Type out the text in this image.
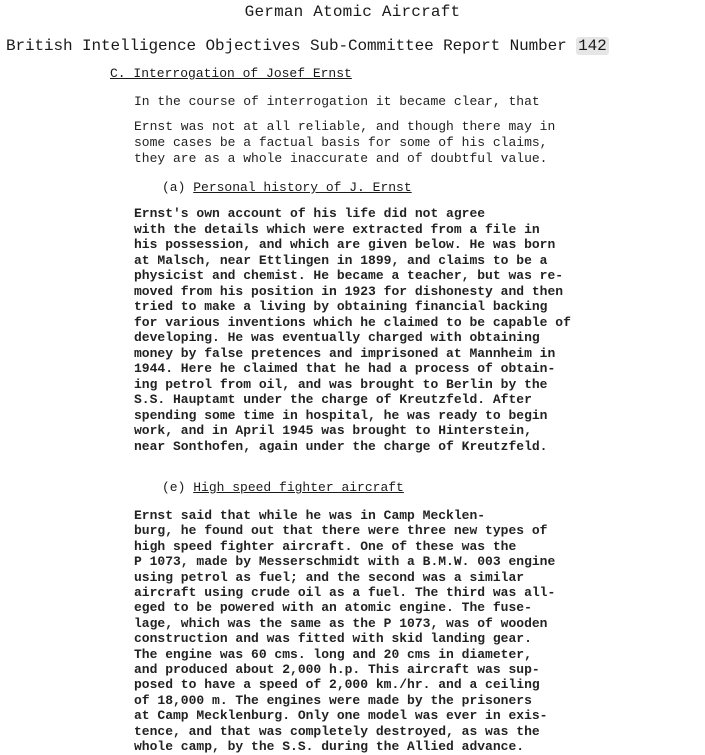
German Atomic Aircraft
British Intelligence Objectives Sub-Committee Report Number 142
C. Interrogation of Josef Ernst
In the course of interrogation it became clear, that
Ernst was not at all reliable, and though there may in
some cases be a factual basis for some of his claims,
they are as a whole inaccurate and of doubtful value.
(a) Personal history of J. Ernst
Ernst's own account of his life did not agree
with the details which were extracted from a file in
his possession, and which are given below. He was born
at Malsch, near Ettlingen in 1899, and claims to be a
physicist and chemist. He became a teacher, but was re-
moved from his position in 1923 for dishonesty and then
tried to make a living by obtaining financial backing
for various inventions which he claimed to be capable of
developing. He was eventually charged with obtaining
money by false pretences and imprisoned at Mannheim in
1944. Here he claimed that he had a process of obtain-
ing petrol from oil, and was brought to Berlin by the
S.S. Hauptamt under the charge of Kreutzfeld. After
spending some time in hospital, he was ready to begin
work, and in April 1945 was brought to Hinterstein,
near Sonthofen, again under the charge of Kreutzfeld.
(e) High speed fighter aircraft
Ernst said that while he was in Camp Mecklen-
burg, he found out that there were three new types of
high speed fighter aircraft. One of these was the
P 1073, made by Messerschmidt with a B.M.W. 003 engine
using petrol as fuel; and the second was a similar
aircraft using crude oil as a fuel. The third was all-
eged to be powered with an atomic engine. The fuse-
lage, which was the same as the P 1073, was of wooden
construction and was fitted with skid landing gear.
The engine was 60 cms. long and 20 cms in diameter,
and produced about 2,000 h.p. This aircraft was sup-
posed to have a speed of 2,000 km./hr. and a ceiling
of 18,000 m. The engines were made by the prisoners
at Camp Mecklenburg. Only one model was ever in exis-
tence, and that was completely destroyed, as was the
whole camp, by the S.S. during the Allied advance.
